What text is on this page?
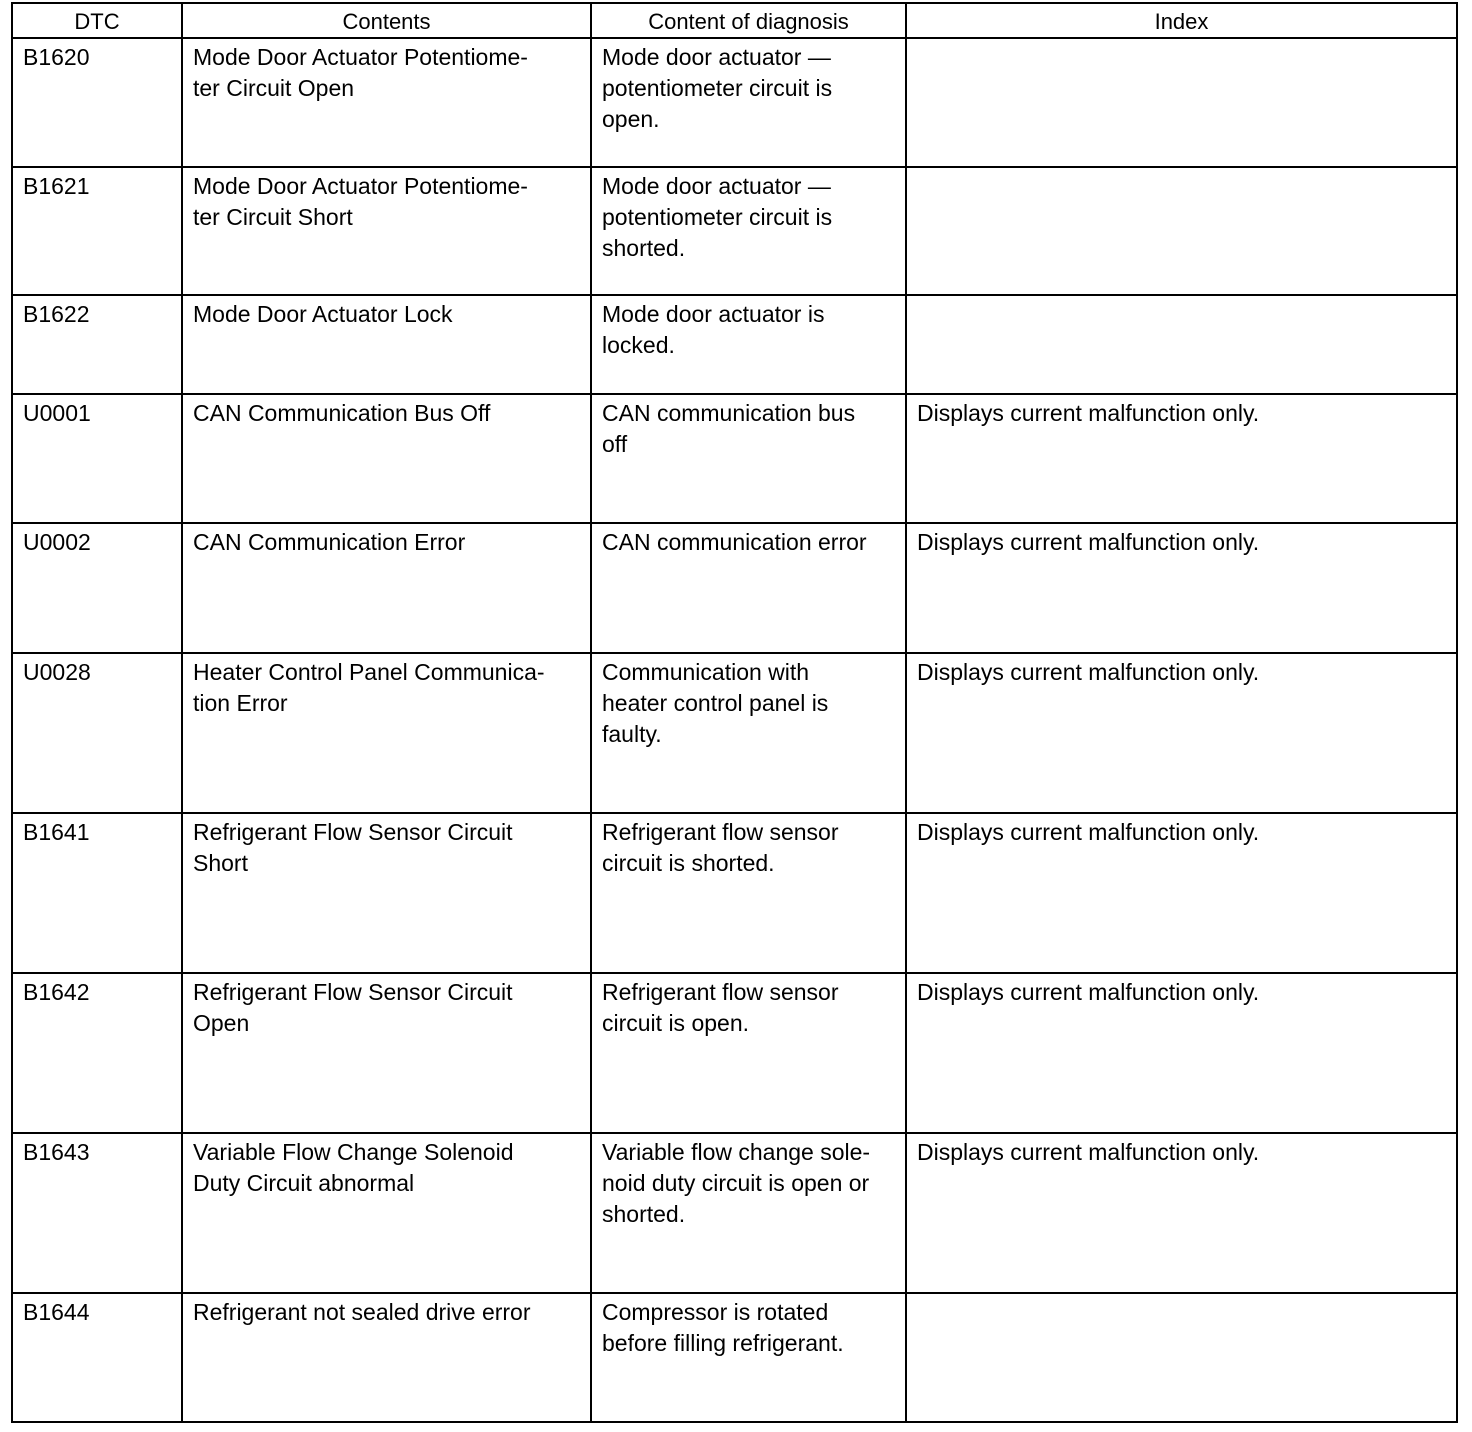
DTC	Contents	Content of diagnosis	Index

B1620	Mode Door Actuator Potentiome-
ter Circuit Open	Mode door actuator —
potentiometer circuit is
open.	

B1621	Mode Door Actuator Potentiome-
ter Circuit Short	Mode door actuator —
potentiometer circuit is
shorted.	

B1622	Mode Door Actuator Lock	Mode door actuator is
locked.	

U0001	CAN Communication Bus Off	CAN communication bus
off	Displays current malfunction only.

U0002	CAN Communication Error	CAN communication error	Displays current malfunction only.

U0028	Heater Control Panel Communica-
tion Error	Communication with
heater control panel is
faulty.	Displays current malfunction only.

B1641	Refrigerant Flow Sensor Circuit
Short	Refrigerant flow sensor
circuit is shorted.	Displays current malfunction only.

B1642	Refrigerant Flow Sensor Circuit
Open	Refrigerant flow sensor
circuit is open.	Displays current malfunction only.

B1643	Variable Flow Change Solenoid
Duty Circuit abnormal	Variable flow change sole-
noid duty circuit is open or
shorted.	Displays current malfunction only.

B1644	Refrigerant not sealed drive error	Compressor is rotated
before filling refrigerant.	
